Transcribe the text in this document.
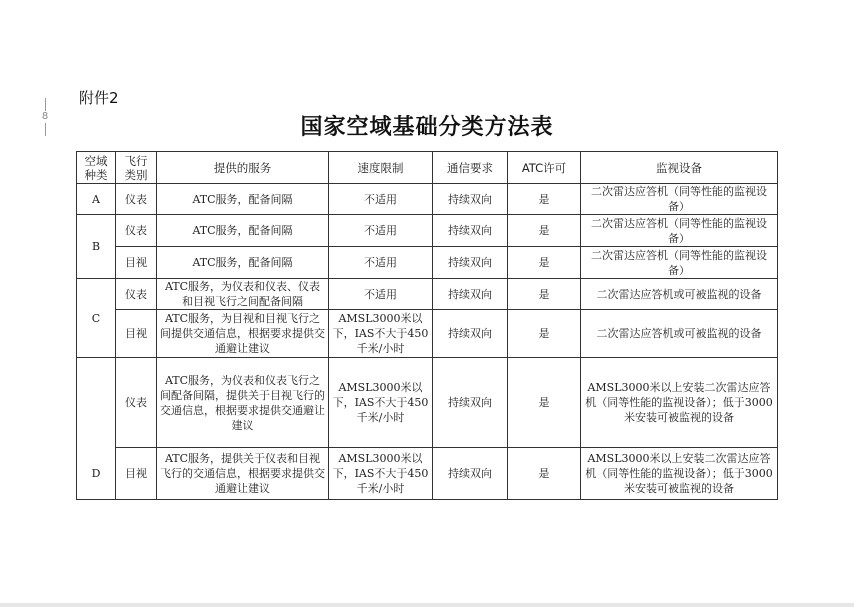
8
附件2
国家空域基础分类方法表
空域种类	飞行类别	提供的服务	速度限制	通信要求	ATC许可	监视设备
A	仪表	ATC服务，配备间隔	不适用	持续双向	是	二次雷达应答机（同等性能的监视设备）
B	仪表	ATC服务，配备间隔	不适用	持续双向	是	二次雷达应答机（同等性能的监视设备）
	目视	ATC服务，配备间隔	不适用	持续双向	是	二次雷达应答机（同等性能的监视设备）
C	仪表	ATC服务，为仪表和仪表、仪表和目视飞行之间配备间隔	不适用	持续双向	是	二次雷达应答机或可被监视的设备
	目视	ATC服务，为目视和目视飞行之间提供交通信息，根据要求提供交通避让建议	AMSL3000米以下，IAS不大于450千米/小时	持续双向	是	二次雷达应答机或可被监视的设备
D	仪表	ATC服务，为仪表和仪表飞行之间配备间隔，提供关于目视飞行的交通信息，根据要求提供交通避让建议	AMSL3000米以下，IAS不大于450千米/小时	持续双向	是	AMSL3000米以上安装二次雷达应答机（同等性能的监视设备）；低于3000米安装可被监视的设备
	目视	ATC服务，提供关于仪表和目视飞行的交通信息，根据要求提供交通避让建议	AMSL3000米以下，IAS不大于450千米/小时	持续双向	是	AMSL3000米以上安装二次雷达应答机（同等性能的监视设备）；低于3000米安装可被监视的设备
